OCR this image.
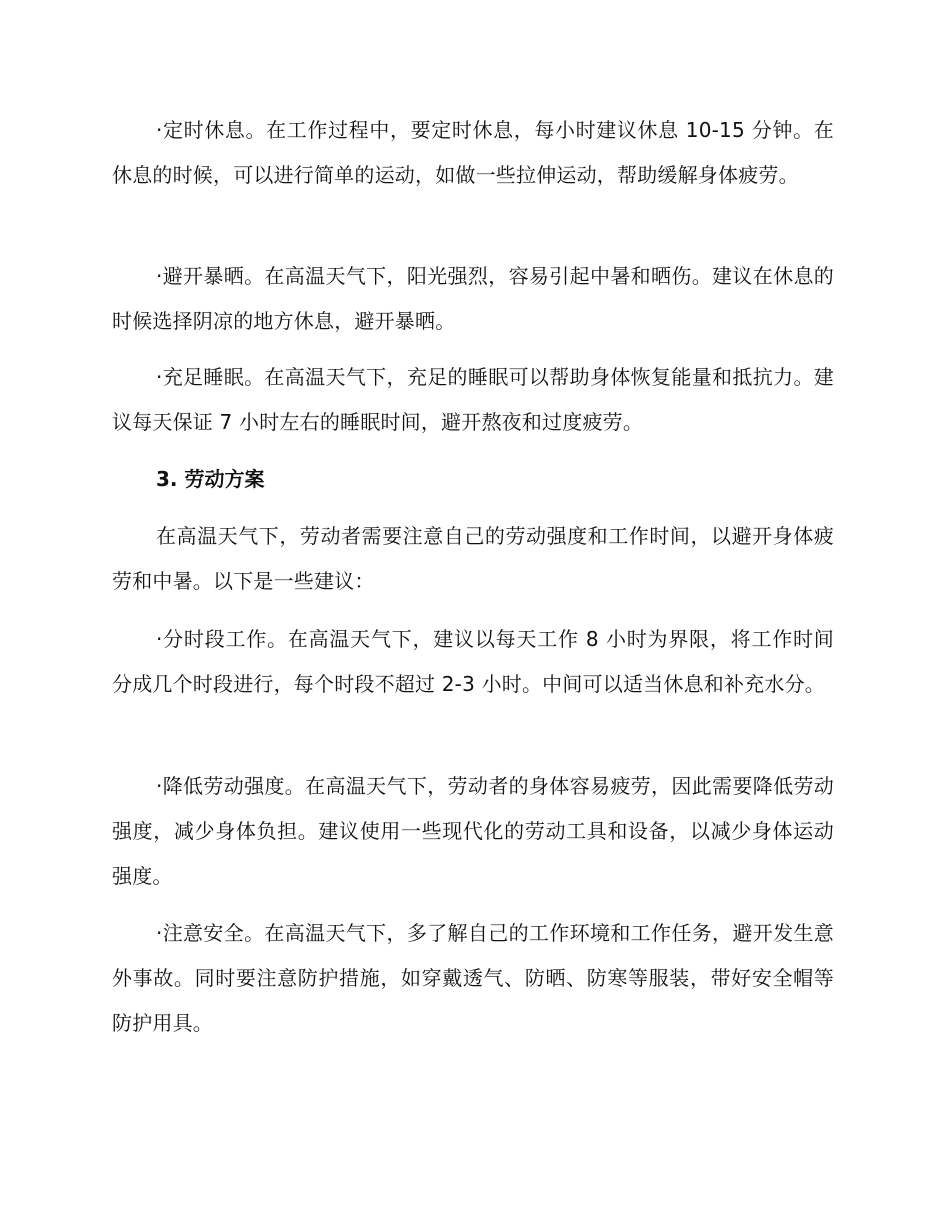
·定时休息。在工作过程中，要定时休息，每小时建议休息 10-15 分钟。在休息的时候，可以进行简单的运动，如做一些拉伸运动，帮助缓解身体疲劳。

·避开暴晒。在高温天气下，阳光强烈，容易引起中暑和晒伤。建议在休息的时候选择阴凉的地方休息，避开暴晒。

·充足睡眠。在高温天气下，充足的睡眠可以帮助身体恢复能量和抵抗力。建议每天保证 7 小时左右的睡眠时间，避开熬夜和过度疲劳。

3. 劳动方案

在高温天气下，劳动者需要注意自己的劳动强度和工作时间，以避开身体疲劳和中暑。以下是一些建议：

·分时段工作。在高温天气下，建议以每天工作 8 小时为界限，将工作时间分成几个时段进行，每个时段不超过 2-3 小时。中间可以适当休息和补充水分。

·降低劳动强度。在高温天气下，劳动者的身体容易疲劳，因此需要降低劳动强度，减少身体负担。建议使用一些现代化的劳动工具和设备，以减少身体运动强度。

·注意安全。在高温天气下，多了解自己的工作环境和工作任务，避开发生意外事故。同时要注意防护措施，如穿戴透气、防晒、防寒等服装，带好安全帽等防护用具。
